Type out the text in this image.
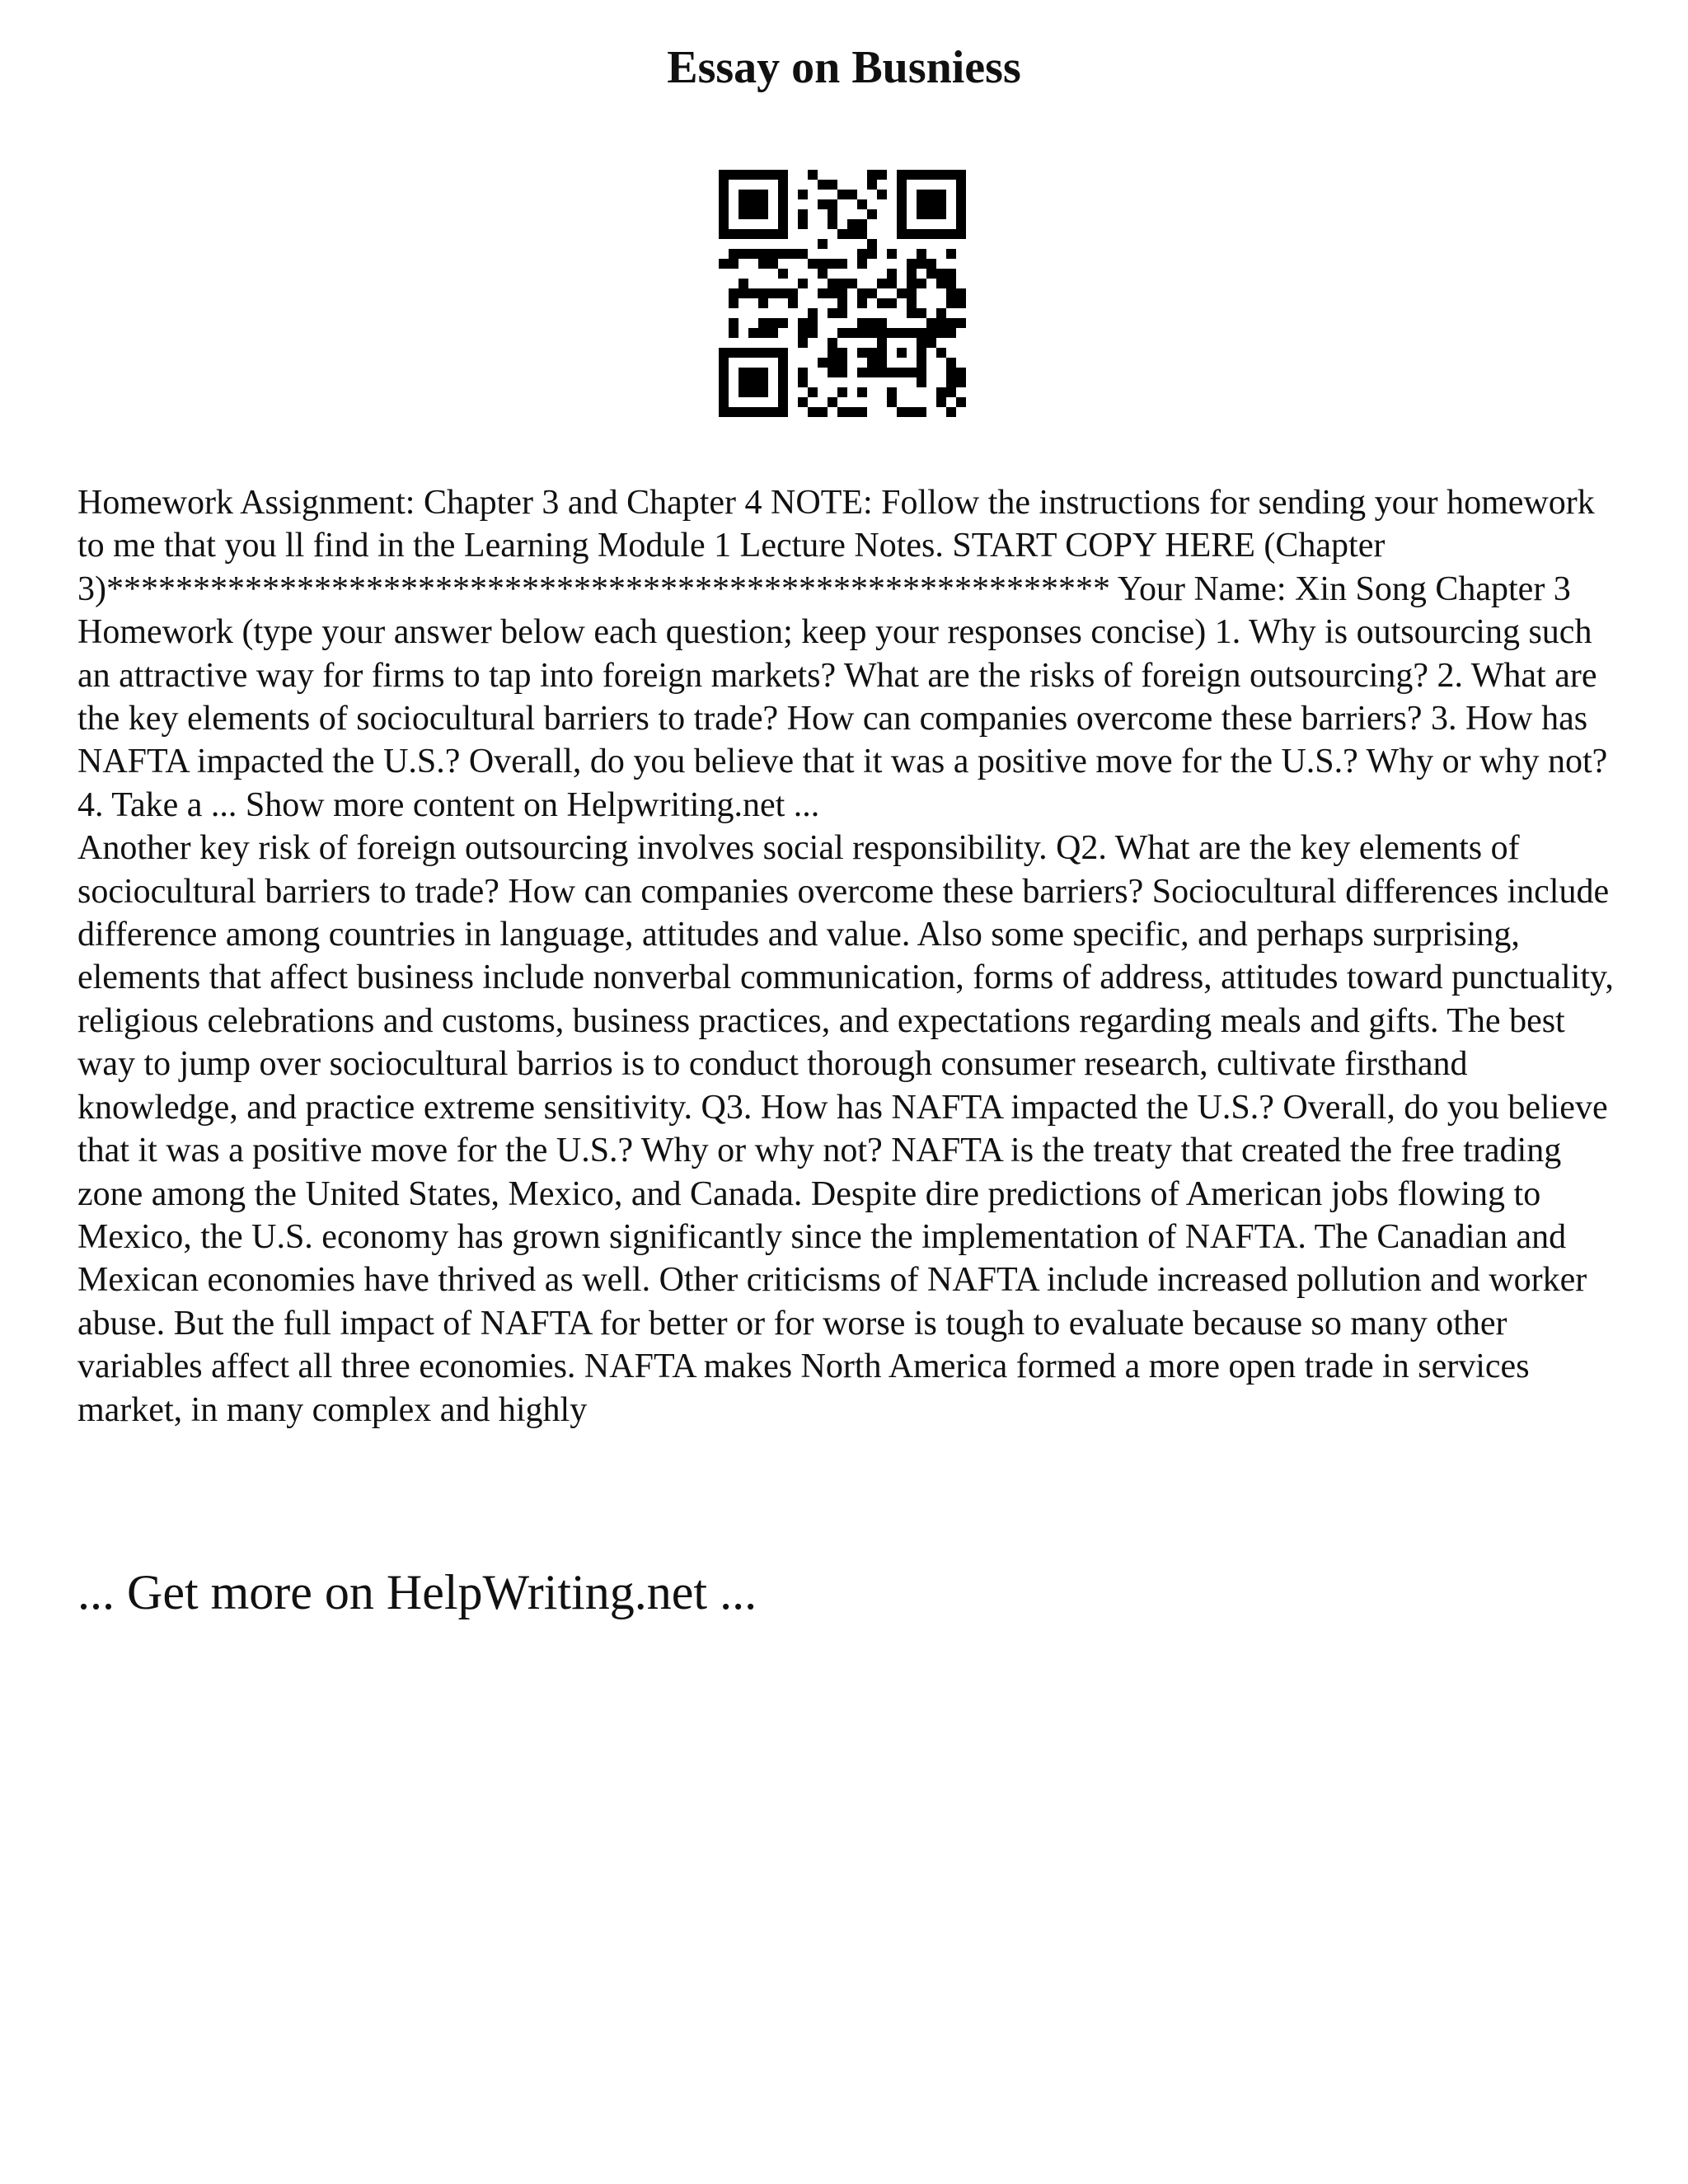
Essay on Busniess

Homework Assignment: Chapter 3 and Chapter 4 NOTE: Follow the instructions for sending your homework to me that you ll find in the Learning Module 1 Lecture Notes. START COPY HERE (Chapter 3)********************************************************** Your Name: Xin Song Chapter 3 Homework (type your answer below each question; keep your responses concise) 1. Why is outsourcing such an attractive way for firms to tap into foreign markets? What are the risks of foreign outsourcing? 2. What are the key elements of sociocultural barriers to trade? How can companies overcome these barriers? 3. How has NAFTA impacted the U.S.? Overall, do you believe that it was a positive move for the U.S.? Why or why not? 4. Take a ... Show more content on Helpwriting.net ...

Another key risk of foreign outsourcing involves social responsibility. Q2. What are the key elements of sociocultural barriers to trade? How can companies overcome these barriers? Sociocultural differences include difference among countries in language, attitudes and value. Also some specific, and perhaps surprising, elements that affect business include nonverbal communication, forms of address, attitudes toward punctuality, religious celebrations and customs, business practices, and expectations regarding meals and gifts. The best way to jump over sociocultural barrios is to conduct thorough consumer research, cultivate firsthand knowledge, and practice extreme sensitivity. Q3. How has NAFTA impacted the U.S.? Overall, do you believe that it was a positive move for the U.S.? Why or why not? NAFTA is the treaty that created the free trading zone among the United States, Mexico, and Canada. Despite dire predictions of American jobs flowing to Mexico, the U.S. economy has grown significantly since the implementation of NAFTA. The Canadian and Mexican economies have thrived as well. Other criticisms of NAFTA include increased pollution and worker abuse. But the full impact of NAFTA for better or for worse is tough to evaluate because so many other variables affect all three economies. NAFTA makes North America formed a more open trade in services market, in many complex and highly

... Get more on HelpWriting.net ...
